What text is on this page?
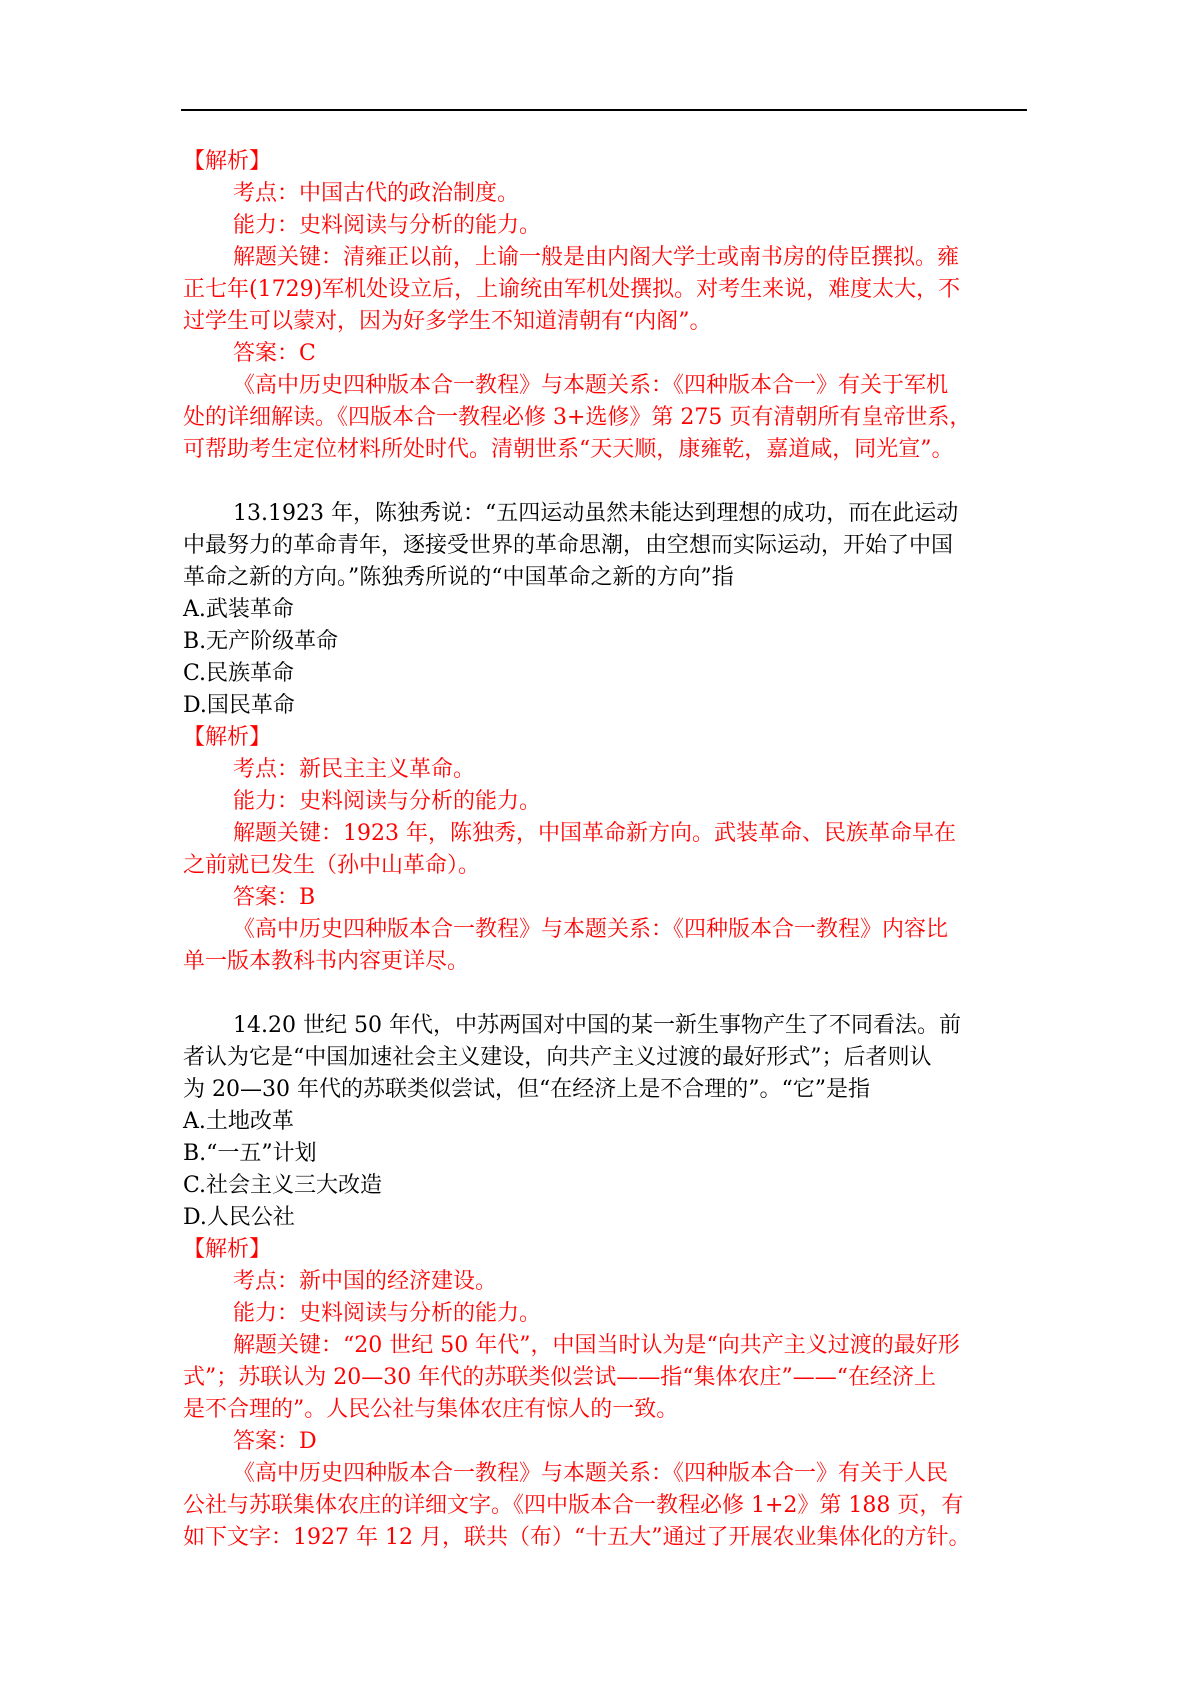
【解析】

考点：中国古代的政治制度。

能力：史料阅读与分析的能力。

解题关键：清雍正以前，上谕一般是由内阁大学士或南书房的侍臣撰拟。雍
正七年(1729)军机处设立后，上谕统由军机处撰拟。对考生来说，难度太大，不
过学生可以蒙对，因为好多学生不知道清朝有“内阁”。

答案：C

《高中历史四种版本合一教程》与本题关系：《四种版本合一》有关于军机
处的详细解读。《四版本合一教程必修 3+选修》第 275 页有清朝所有皇帝世系，
可帮助考生定位材料所处时代。清朝世系“天天顺，康雍乾，嘉道咸，同光宣”。

13.1923 年，陈独秀说：“五四运动虽然未能达到理想的成功，而在此运动
中最努力的革命青年，逐接受世界的革命思潮，由空想而实际运动，开始了中国
革命之新的方向。”陈独秀所说的“中国革命之新的方向”指

A.武装革命

B.无产阶级革命

C.民族革命

D.国民革命

【解析】

考点：新民主主义革命。

能力：史料阅读与分析的能力。

解题关键：1923 年，陈独秀，中国革命新方向。武装革命、民族革命早在
之前就已发生（孙中山革命）。

答案：B

《高中历史四种版本合一教程》与本题关系：《四种版本合一教程》内容比
单一版本教科书内容更详尽。

14.20 世纪 50 年代，中苏两国对中国的某一新生事物产生了不同看法。前
者认为它是“中国加速社会主义建设，向共产主义过渡的最好形式”；后者则认
为 20—30 年代的苏联类似尝试，但“在经济上是不合理的”。“它”是指

A.土地改革

B.“一五”计划

C.社会主义三大改造

D.人民公社

【解析】

考点：新中国的经济建设。

能力：史料阅读与分析的能力。

解题关键：“20 世纪 50 年代”，中国当时认为是“向共产主义过渡的最好形
式”；苏联认为 20—30 年代的苏联类似尝试——指“集体农庄”——“在经济上
是不合理的”。人民公社与集体农庄有惊人的一致。

答案：D

《高中历史四种版本合一教程》与本题关系：《四种版本合一》有关于人民
公社与苏联集体农庄的详细文字。《四中版本合一教程必修 1+2》第 188 页，有
如下文字：1927 年 12 月，联共（布）“十五大”通过了开展农业集体化的方针。
